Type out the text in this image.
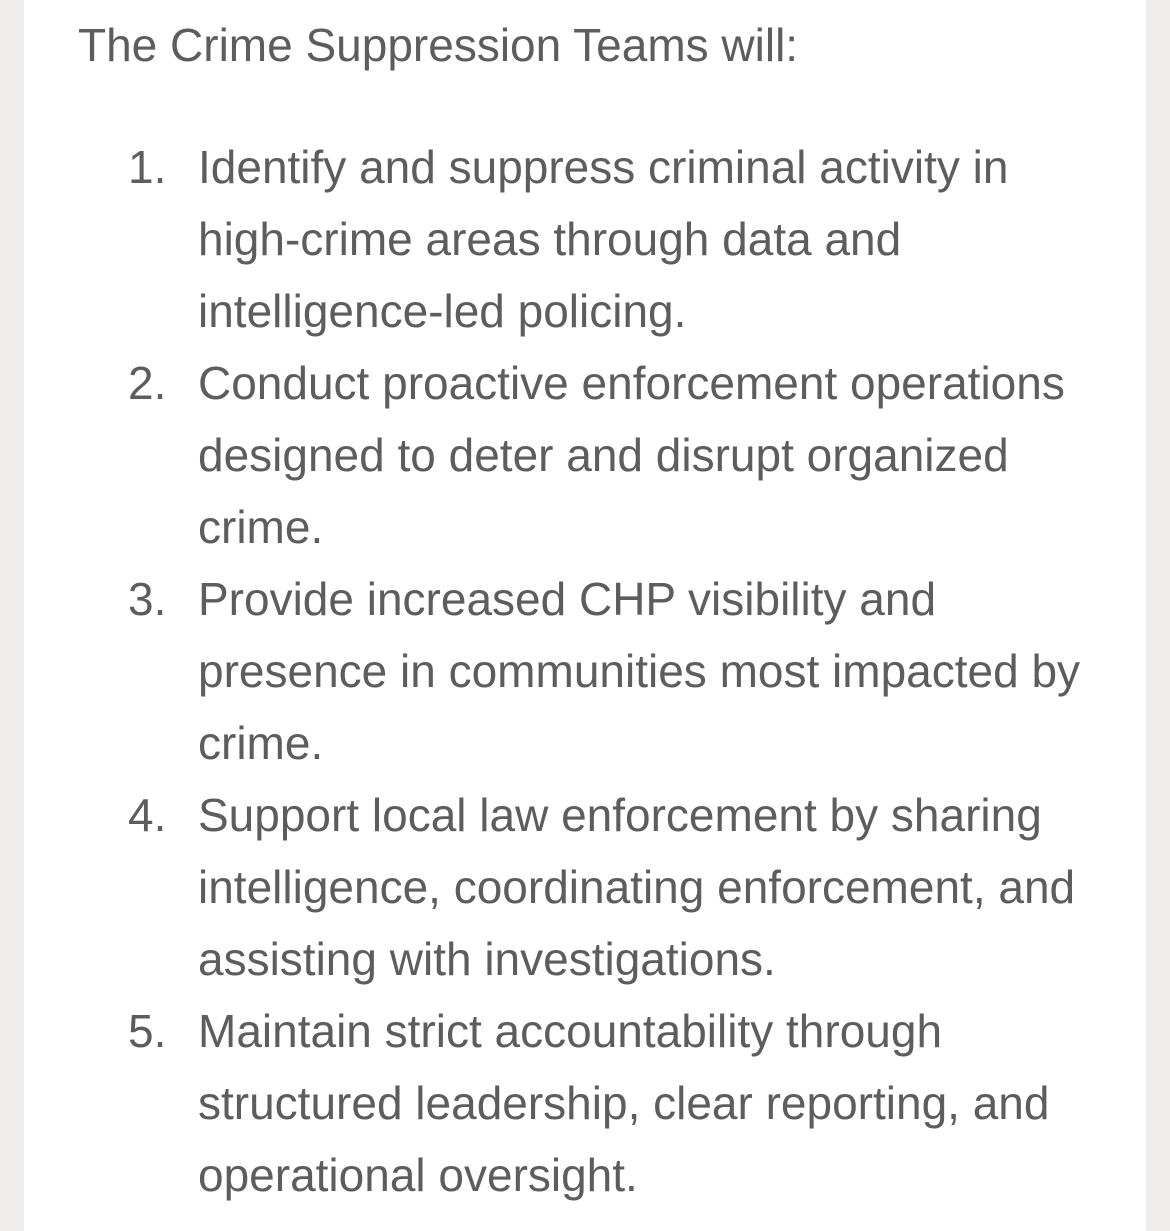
The Crime Suppression Teams will:

1. Identify and suppress criminal activity in high-crime areas through data and intelligence-led policing.
2. Conduct proactive enforcement operations designed to deter and disrupt organized crime.
3. Provide increased CHP visibility and presence in communities most impacted by crime.
4. Support local law enforcement by sharing intelligence, coordinating enforcement, and assisting with investigations.
5. Maintain strict accountability through structured leadership, clear reporting, and operational oversight.
